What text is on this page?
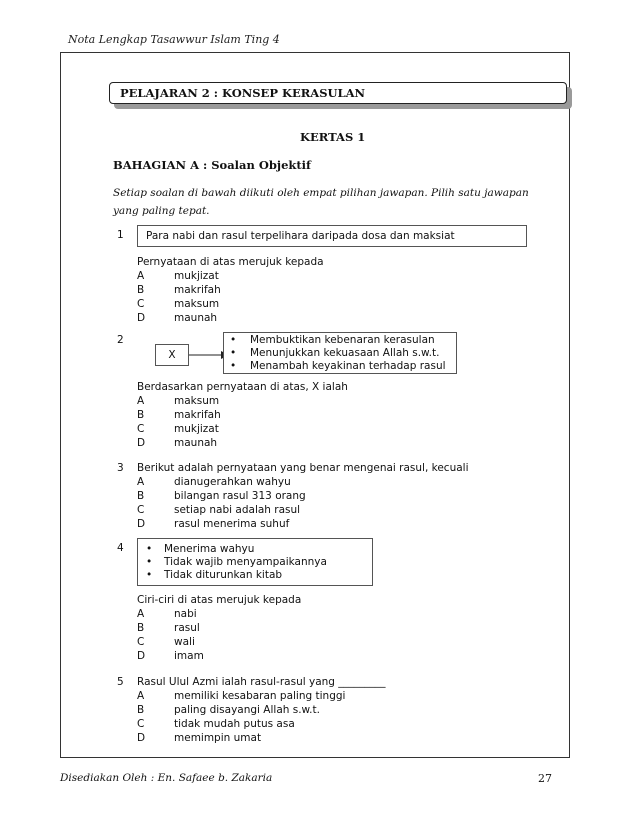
Nota Lengkap Tasawwur Islam Ting 4
PELAJARAN 2 : KONSEP KERASULAN
KERTAS 1
BAHAGIAN A : Soalan Objektif
Setiap soalan di bawah diikuti oleh empat pilihan jawapan. Pilih satu jawapan yang paling tepat.
1 Para nabi dan rasul terpelihara daripada dosa dan maksiat
Pernyataan di atas merujuk kepada
A	mukjizat
B	makrifah
C	maksum
D	maunah
2
X
• Membuktikan kebenaran kerasulan
• Menunjukkan kekuasaan Allah s.w.t.
• Menambah keyakinan terhadap rasul
Berdasarkan pernyataan di atas, X ialah
A	maksum
B	makrifah
C	mukjizat
D	maunah
3 Berikut adalah pernyataan yang benar mengenai rasul, kecuali
A	dianugerahkan wahyu
B	bilangan rasul 313 orang
C	setiap nabi adalah rasul
D	rasul menerima suhuf
4 • Menerima wahyu
• Tidak wajib menyampaikannya
• Tidak diturunkan kitab
Ciri-ciri di atas merujuk kepada
A	nabi
B	rasul
C	wali
D	imam
5 Rasul Ulul Azmi ialah rasul-rasul yang _________
A	memiliki kesabaran paling tinggi
B	paling disayangi Allah s.w.t.
C	tidak mudah putus asa
D	memimpin umat
Disediakan Oleh : En. Safaee b. Zakaria	27
